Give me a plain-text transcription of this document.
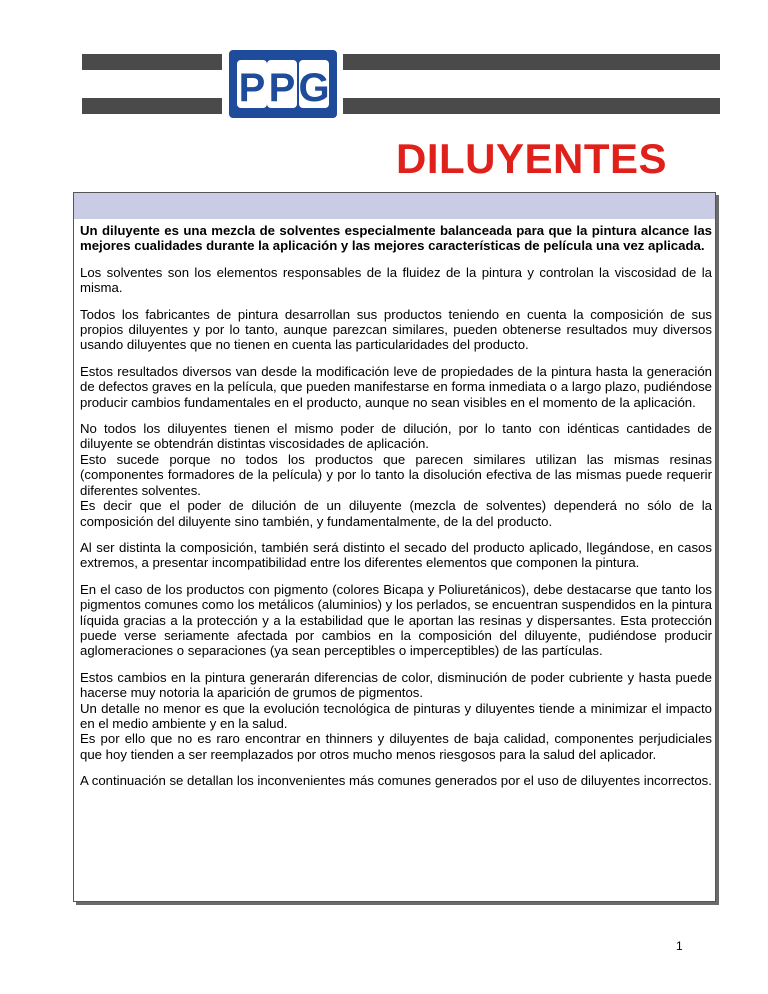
P P G
DILUYENTES

Un diluyente es una mezcla de solventes especialmente balanceada para que la pintura alcance las mejores cualidades durante la aplicación y las mejores características de película una vez aplicada.

Los solventes son los elementos responsables de la fluidez de la pintura y controlan la viscosidad de la misma.

Todos los fabricantes de pintura desarrollan sus productos teniendo en cuenta la composición de sus propios diluyentes y por lo tanto, aunque parezcan similares, pueden obtenerse resultados muy diversos usando diluyentes que no tienen en cuenta las particularidades del producto.

Estos resultados diversos van desde la modificación leve de propiedades de la pintura hasta la generación de defectos graves en la película, que pueden manifestarse en forma inmediata o a largo plazo, pudiéndose producir cambios fundamentales en el producto, aunque no sean visibles en el momento de la aplicación.

No todos los diluyentes tienen el mismo poder de dilución, por lo tanto con idénticas cantidades de diluyente se obtendrán distintas viscosidades de aplicación.
Esto sucede porque no todos los productos que parecen similares utilizan las mismas resinas (componentes formadores de la película) y por lo tanto la disolución efectiva de las mismas puede requerir diferentes solventes.
Es decir que el poder de dilución de un diluyente (mezcla de solventes) dependerá no sólo de la composición del diluyente sino también, y fundamentalmente, de la del producto.

Al ser distinta la composición, también será distinto el secado del producto aplicado, llegándose, en casos extremos, a presentar incompatibilidad entre los diferentes elementos que componen la pintura.

En el caso de los productos con pigmento (colores Bicapa y Poliuretánicos), debe destacarse que tanto los pigmentos comunes como los metálicos (aluminios) y los perlados, se encuentran suspendidos en la pintura líquida gracias a la protección y a la estabilidad que le aportan las resinas y dispersantes. Esta protección puede verse seriamente afectada por cambios en la composición del diluyente, pudiéndose producir aglomeraciones o separaciones (ya sean perceptibles o imperceptibles) de las partículas.

Estos cambios en la pintura generarán diferencias de color, disminución de poder cubriente y hasta puede hacerse muy notoria la aparición de grumos de pigmentos.
Un detalle no menor es que la evolución tecnológica de pinturas y diluyentes tiende a minimizar el impacto en el medio ambiente y en la salud.
Es por ello que no es raro encontrar en thinners y diluyentes de baja calidad, componentes perjudiciales que hoy tienden a ser reemplazados por otros mucho menos riesgosos para la salud del aplicador.

A continuación se detallan los inconvenientes más comunes generados por el uso de diluyentes incorrectos.

1
